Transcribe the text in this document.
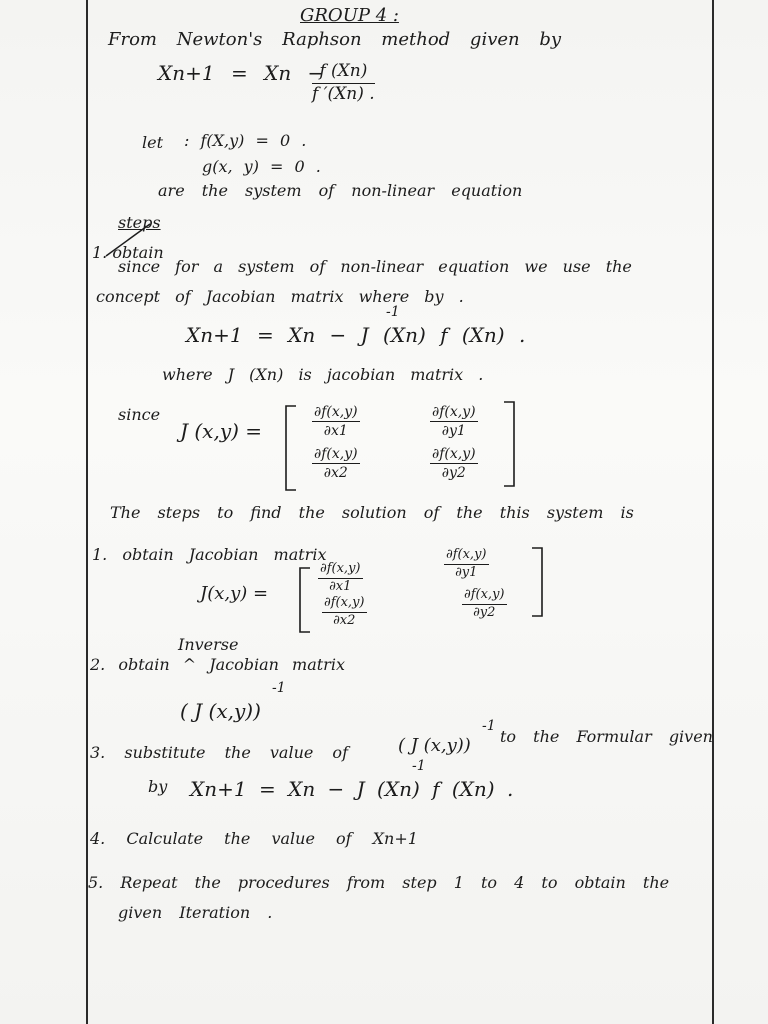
GROUP 4 :
From Newton's Raphson method given by
Xn+1 = Xn −
$\frac{f (Xn)}{f '(Xn) .}$
let : f(X,y) = 0 .
g(x, y) = 0 .
are the system of non-linear equation
steps
1. obtain
since for a system of non-linear equation we use the
concept of Jacobian matrix where by .
Xn+1 = Xn − J (Xn) f (Xn) .
-1
where J (Xn) is jacobian matrix .
since
J (x,y) =	$\frac{\partial f(x,y)}{\partial x1}$	$\frac{\partial f(x,y)}{\partial y1}$
$\frac{\partial f(x,y)}{\partial x2}$	$\frac{\partial f(x,y)}{\partial y2}$
The steps to find the solution of the this system is
1. obtain Jacobian matrix
J(x,y) =	$\frac{\partial f(x,y)}{\partial x1}$	$\frac{\partial f(x,y)}{\partial y1}$
$\frac{\partial f(x,y)}{\partial x2}$	$\frac{\partial f(x,y)}{\partial y2}$
Inverse
2. obtain ^ Jacobian matrix
( J (x,y))
-1
3. substitute the value of	( J (x,y))
-1
to the Formular given
by Xn+1 = Xn − J (Xn) f (Xn) .
-1
4. Calculate the value of Xn+1
5. Repeat the procedures from step 1 to 4 to obtain the
given Iteration .
